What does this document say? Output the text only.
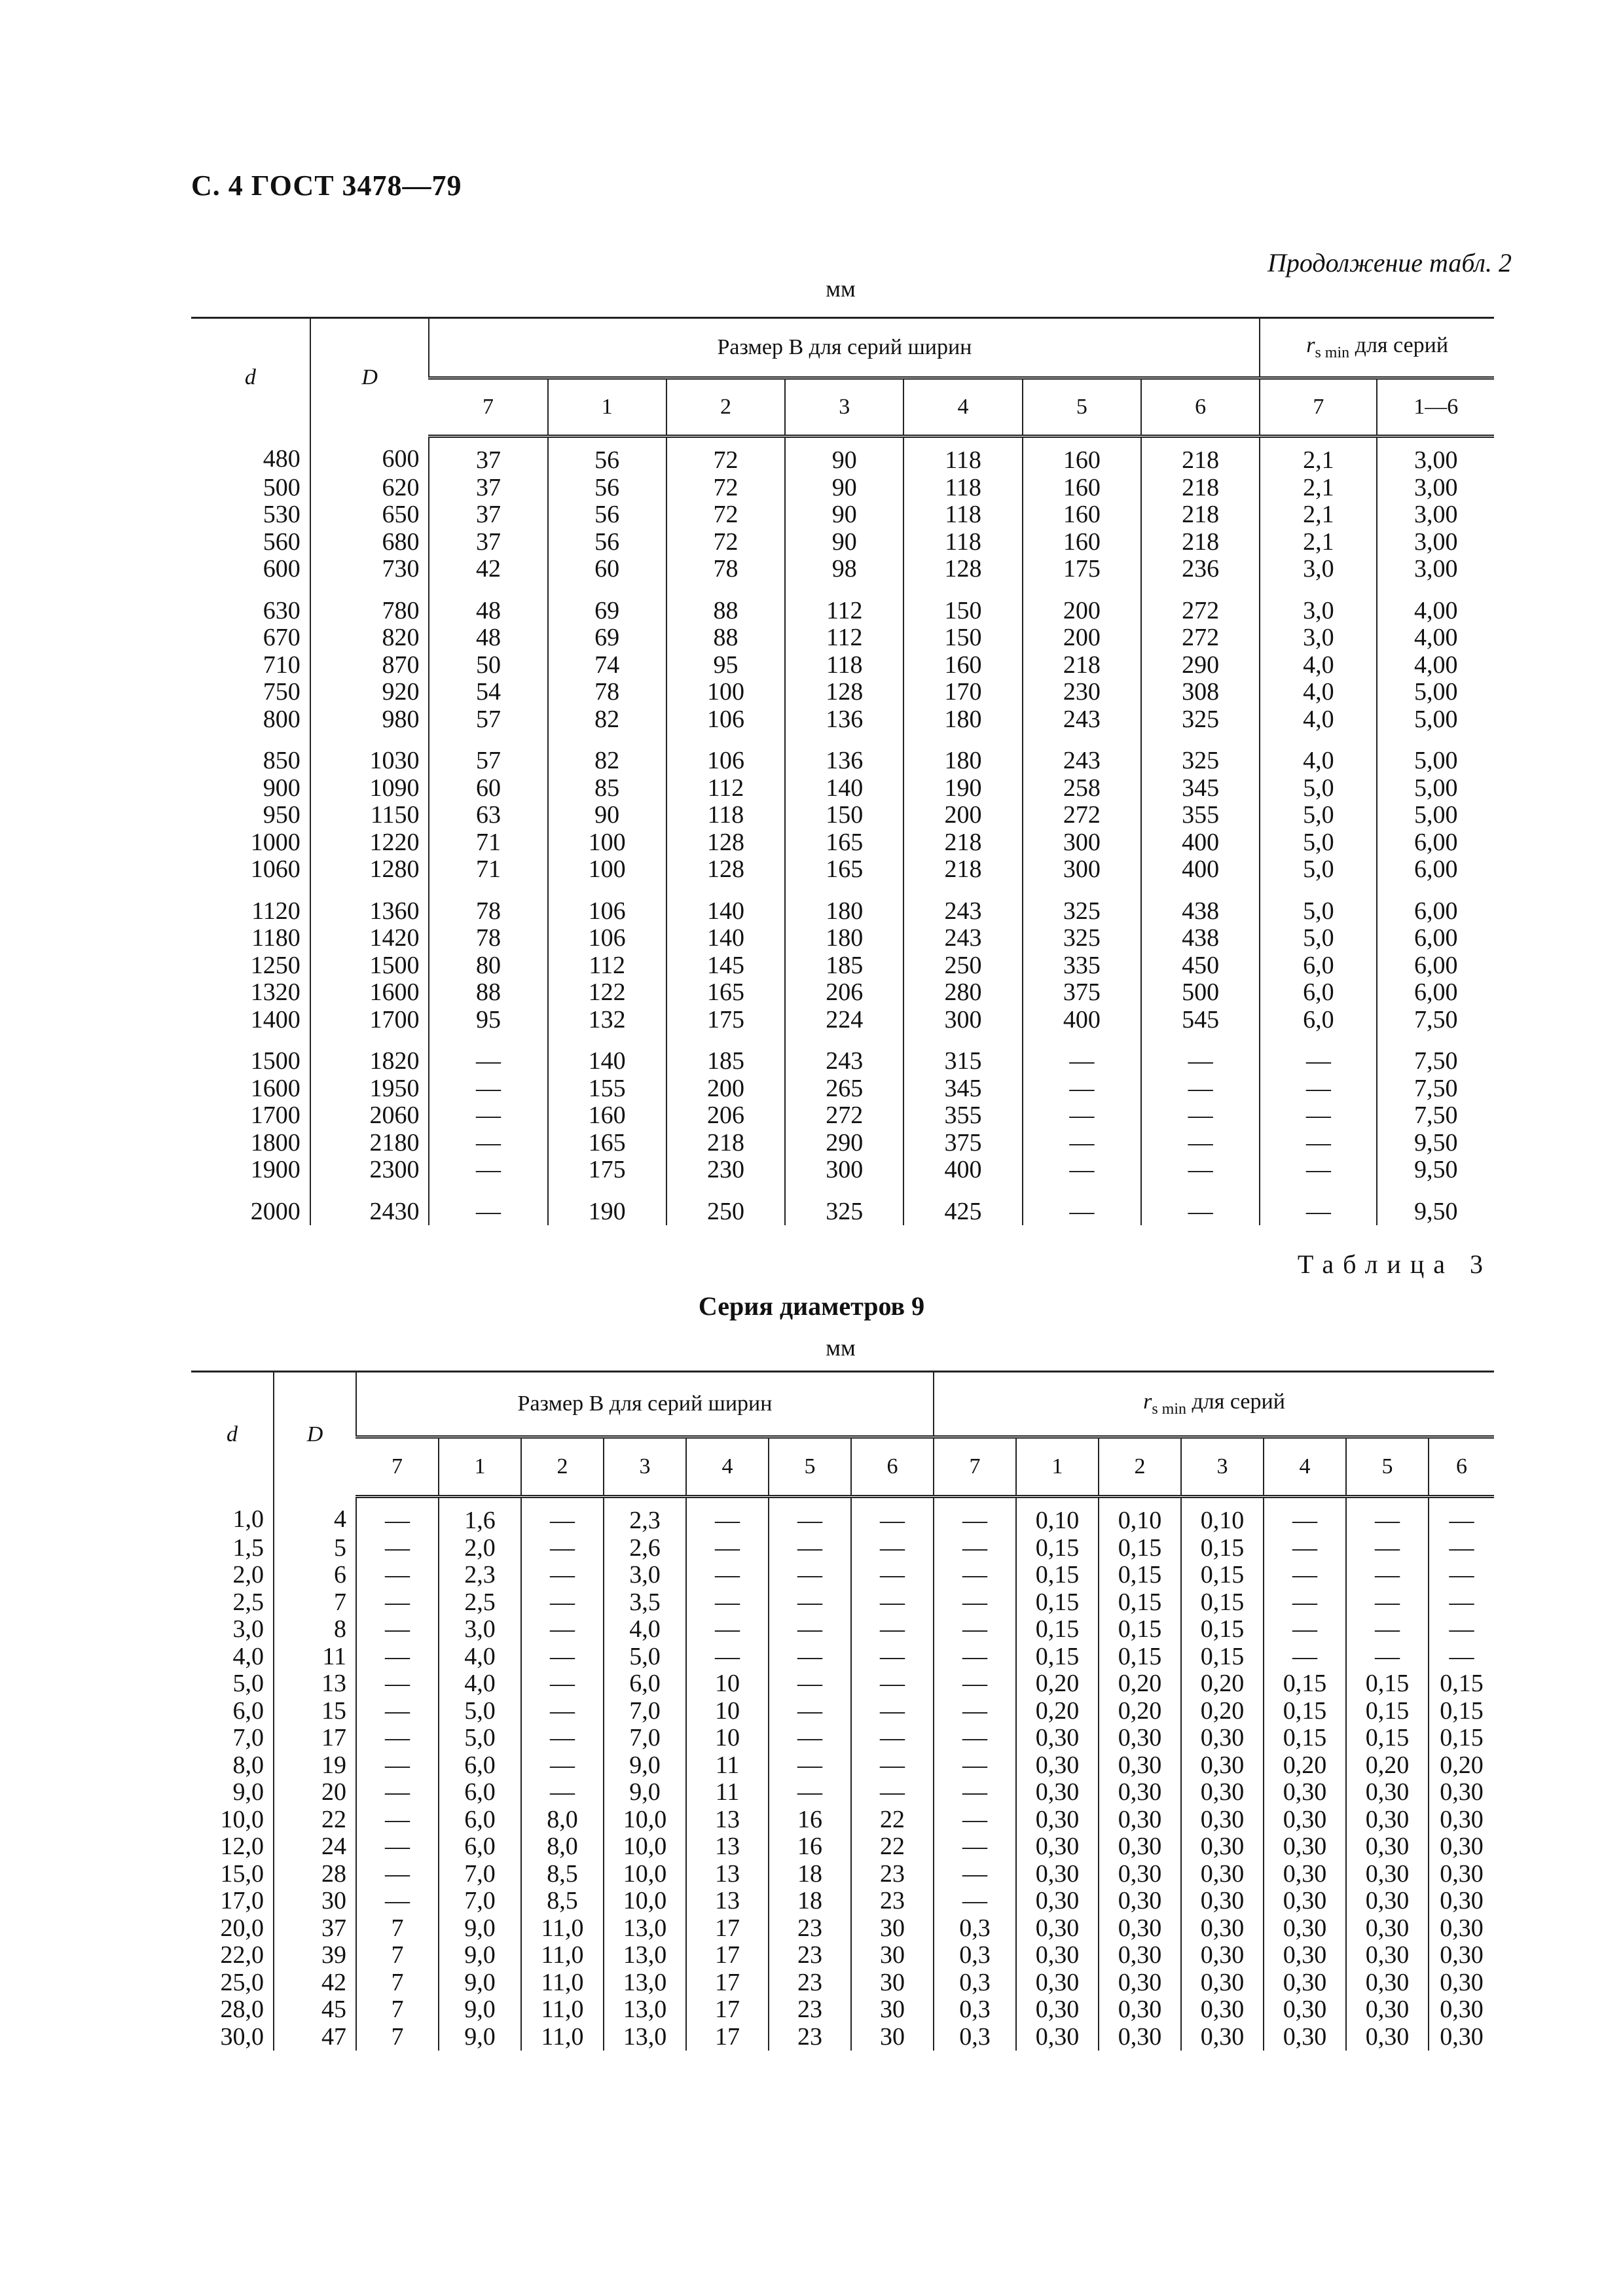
С. 4 ГОСТ 3478—79
Продолжение табл. 2
мм
d	D	Размер B для серий ширин							$r_{s min}$ для серий	
		7	1	2	3	4	5	6	7	1—6
480	600	37	56	72	90	118	160	218	2,1	3,00
500	620	37	56	72	90	118	160	218	2,1	3,00
530	650	37	56	72	90	118	160	218	2,1	3,00
560	680	37	56	72	90	118	160	218	2,1	3,00
600	730	42	60	78	98	128	175	236	3,0	3,00
630	780	48	69	88	112	150	200	272	3,0	4,00
670	820	48	69	88	112	150	200	272	3,0	4,00
710	870	50	74	95	118	160	218	290	4,0	4,00
750	920	54	78	100	128	170	230	308	4,0	5,00
800	980	57	82	106	136	180	243	325	4,0	5,00
850	1030	57	82	106	136	180	243	325	4,0	5,00
900	1090	60	85	112	140	190	258	345	5,0	5,00
950	1150	63	90	118	150	200	272	355	5,0	5,00
1000	1220	71	100	128	165	218	300	400	5,0	6,00
1060	1280	71	100	128	165	218	300	400	5,0	6,00
1120	1360	78	106	140	180	243	325	438	5,0	6,00
1180	1420	78	106	140	180	243	325	438	5,0	6,00
1250	1500	80	112	145	185	250	335	450	6,0	6,00
1320	1600	88	122	165	206	280	375	500	6,0	6,00
1400	1700	95	132	175	224	300	400	545	6,0	7,50
1500	1820	—	140	185	243	315	—	—	—	7,50
1600	1950	—	155	200	265	345	—	—	—	7,50
1700	2060	—	160	206	272	355	—	—	—	7,50
1800	2180	—	165	218	290	375	—	—	—	9,50
1900	2300	—	175	230	300	400	—	—	—	9,50
2000	2430	—	190	250	325	425	—	—	—	9,50
Таблица 3
Серия диаметров 9
мм
d	D	Размер B для серий ширин							$r_{s min}$ для серий						
		7	1	2	3	4	5	6	7	1	2	3	4	5	6
1,0	4	—	1,6	—	2,3	—	—	—	—	0,10	0,10	0,10	—	—	—
1,5	5	—	2,0	—	2,6	—	—	—	—	0,15	0,15	0,15	—	—	—
2,0	6	—	2,3	—	3,0	—	—	—	—	0,15	0,15	0,15	—	—	—
2,5	7	—	2,5	—	3,5	—	—	—	—	0,15	0,15	0,15	—	—	—
3,0	8	—	3,0	—	4,0	—	—	—	—	0,15	0,15	0,15	—	—	—
4,0	11	—	4,0	—	5,0	—	—	—	—	0,15	0,15	0,15	—	—	—
5,0	13	—	4,0	—	6,0	10	—	—	—	0,20	0,20	0,20	0,15	0,15	0,15
6,0	15	—	5,0	—	7,0	10	—	—	—	0,20	0,20	0,20	0,15	0,15	0,15
7,0	17	—	5,0	—	7,0	10	—	—	—	0,30	0,30	0,30	0,15	0,15	0,15
8,0	19	—	6,0	—	9,0	11	—	—	—	0,30	0,30	0,30	0,20	0,20	0,20
9,0	20	—	6,0	—	9,0	11	—	—	—	0,30	0,30	0,30	0,30	0,30	0,30
10,0	22	—	6,0	8,0	10,0	13	16	22	—	0,30	0,30	0,30	0,30	0,30	0,30
12,0	24	—	6,0	8,0	10,0	13	16	22	—	0,30	0,30	0,30	0,30	0,30	0,30
15,0	28	—	7,0	8,5	10,0	13	18	23	—	0,30	0,30	0,30	0,30	0,30	0,30
17,0	30	—	7,0	8,5	10,0	13	18	23	—	0,30	0,30	0,30	0,30	0,30	0,30
20,0	37	7	9,0	11,0	13,0	17	23	30	0,3	0,30	0,30	0,30	0,30	0,30	0,30
22,0	39	7	9,0	11,0	13,0	17	23	30	0,3	0,30	0,30	0,30	0,30	0,30	0,30
25,0	42	7	9,0	11,0	13,0	17	23	30	0,3	0,30	0,30	0,30	0,30	0,30	0,30
28,0	45	7	9,0	11,0	13,0	17	23	30	0,3	0,30	0,30	0,30	0,30	0,30	0,30
30,0	47	7	9,0	11,0	13,0	17	23	30	0,3	0,30	0,30	0,30	0,30	0,30	0,30
